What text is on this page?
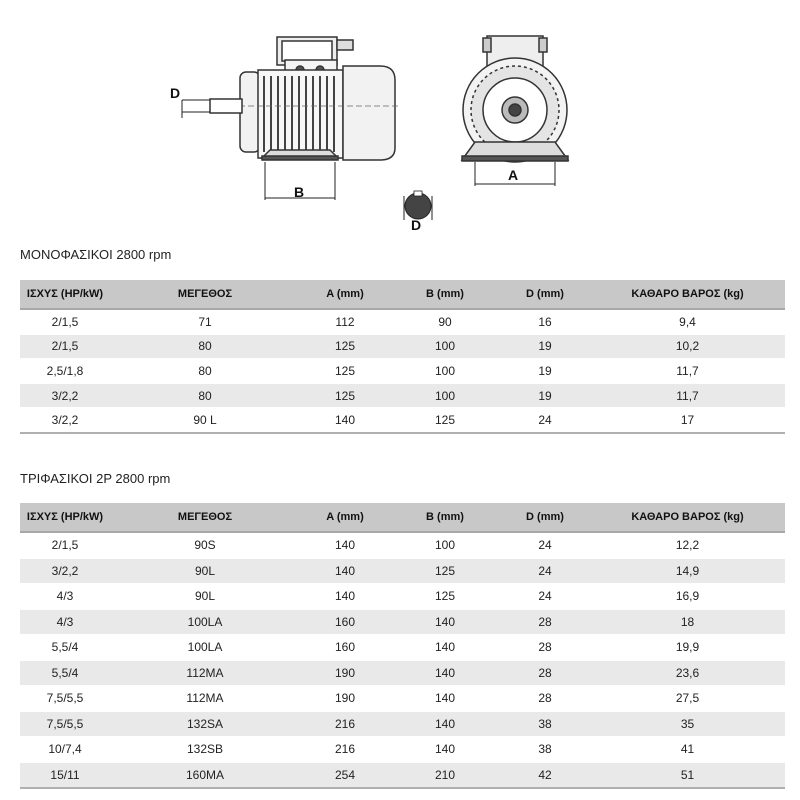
D
B
A
D
ΜΟΝΟΦΑΣΙΚΟΙ 2800 rpm
ΙΣΧΥΣ (HP/kW)	ΜΕΓΕΘΟΣ	A (mm)	B (mm)	D (mm)	ΚΑΘΑΡΟ ΒΑΡΟΣ (kg)
2/1,5	71	112	90	16	9,4
2/1,5	80	125	100	19	10,2
2,5/1,8	80	125	100	19	11,7
3/2,2	80	125	100	19	11,7
3/2,2	90 L	140	125	24	17
ΤΡΙΦΑΣΙΚΟΙ 2P 2800 rpm
ΙΣΧΥΣ (HP/kW)	ΜΕΓΕΘΟΣ	A (mm)	B (mm)	D (mm)	ΚΑΘΑΡΟ ΒΑΡΟΣ (kg)
2/1,5	90S	140	100	24	12,2
3/2,2	90L	140	125	24	14,9
4/3	90L	140	125	24	16,9
4/3	100LA	160	140	28	18
5,5/4	100LA	160	140	28	19,9
5,5/4	112MA	190	140	28	23,6
7,5/5,5	112MA	190	140	28	27,5
7,5/5,5	132SA	216	140	38	35
10/7,4	132SB	216	140	38	41
15/11	160MA	254	210	42	51
